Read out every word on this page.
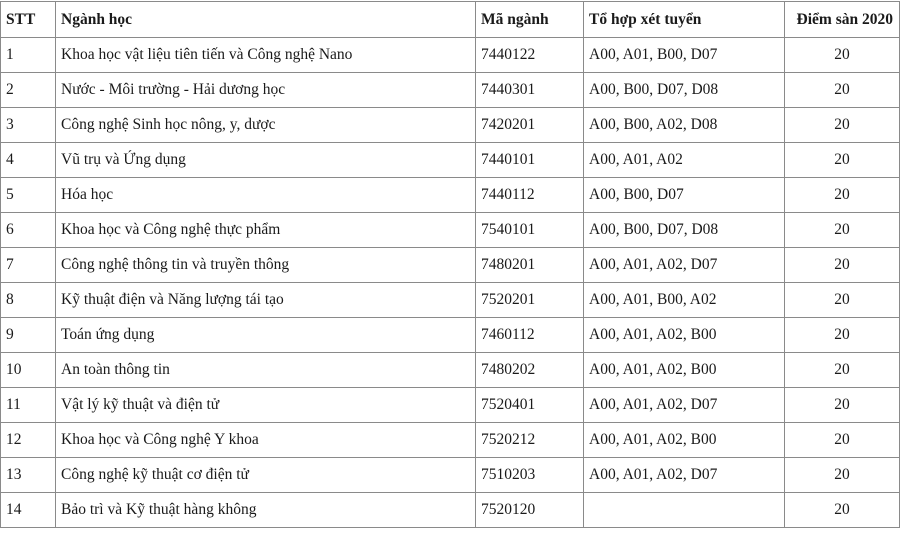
STT	Ngành học	Mã ngành	Tổ hợp xét tuyển	Điểm sàn 2020
1	Khoa học vật liệu tiên tiến và Công nghệ Nano	7440122	A00, A01, B00, D07	20
2	Nước - Môi trường - Hải dương học	7440301	A00, B00, D07, D08	20
3	Công nghệ Sinh học nông, y, dược	7420201	A00, B00, A02, D08	20
4	Vũ trụ và Ứng dụng	7440101	A00, A01, A02	20
5	Hóa học	7440112	A00, B00, D07	20
6	Khoa học và Công nghệ thực phẩm	7540101	A00, B00, D07, D08	20
7	Công nghệ thông tin và truyền thông	7480201	A00, A01, A02, D07	20
8	Kỹ thuật điện và Năng lượng tái tạo	7520201	A00, A01, B00, A02	20
9	Toán ứng dụng	7460112	A00, A01, A02, B00	20
10	An toàn thông tin	7480202	A00, A01, A02, B00	20
11	Vật lý kỹ thuật và điện tử	7520401	A00, A01, A02, D07	20
12	Khoa học và Công nghệ Y khoa	7520212	A00, A01, A02, B00	20
13	Công nghệ kỹ thuật cơ điện tử	7510203	A00, A01, A02, D07	20
14	Bảo trì và Kỹ thuật hàng không	7520120		20
